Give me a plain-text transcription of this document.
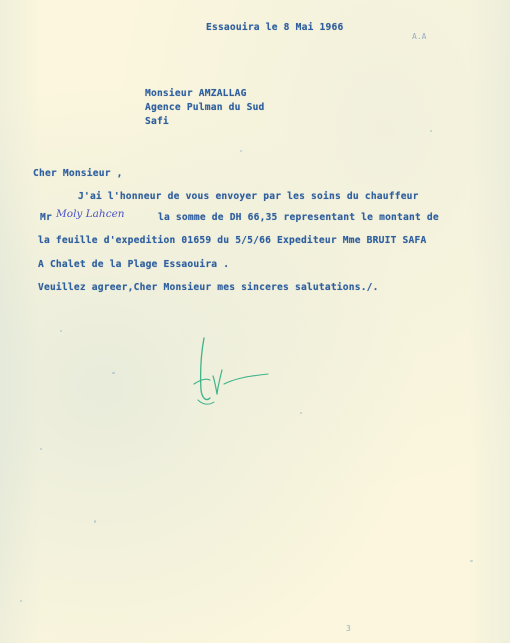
Essaouira le 8 Mai 1966
A.A
Monsieur AMZALLAG
Agence Pulman du Sud
Safi
Cher Monsieur ,
J'ai l'honneur de vous envoyer par les soins du chauffeur
Mr Moly Lahcen	la somme de DH 66,35 representant le montant de
la feuille d'expedition 01659 du 5/5/66 Expediteur Mme BRUIT SAFA
A Chalet de la Plage Essaouira .
Veuillez agreer,Cher Monsieur mes sinceres salutations./.
3
